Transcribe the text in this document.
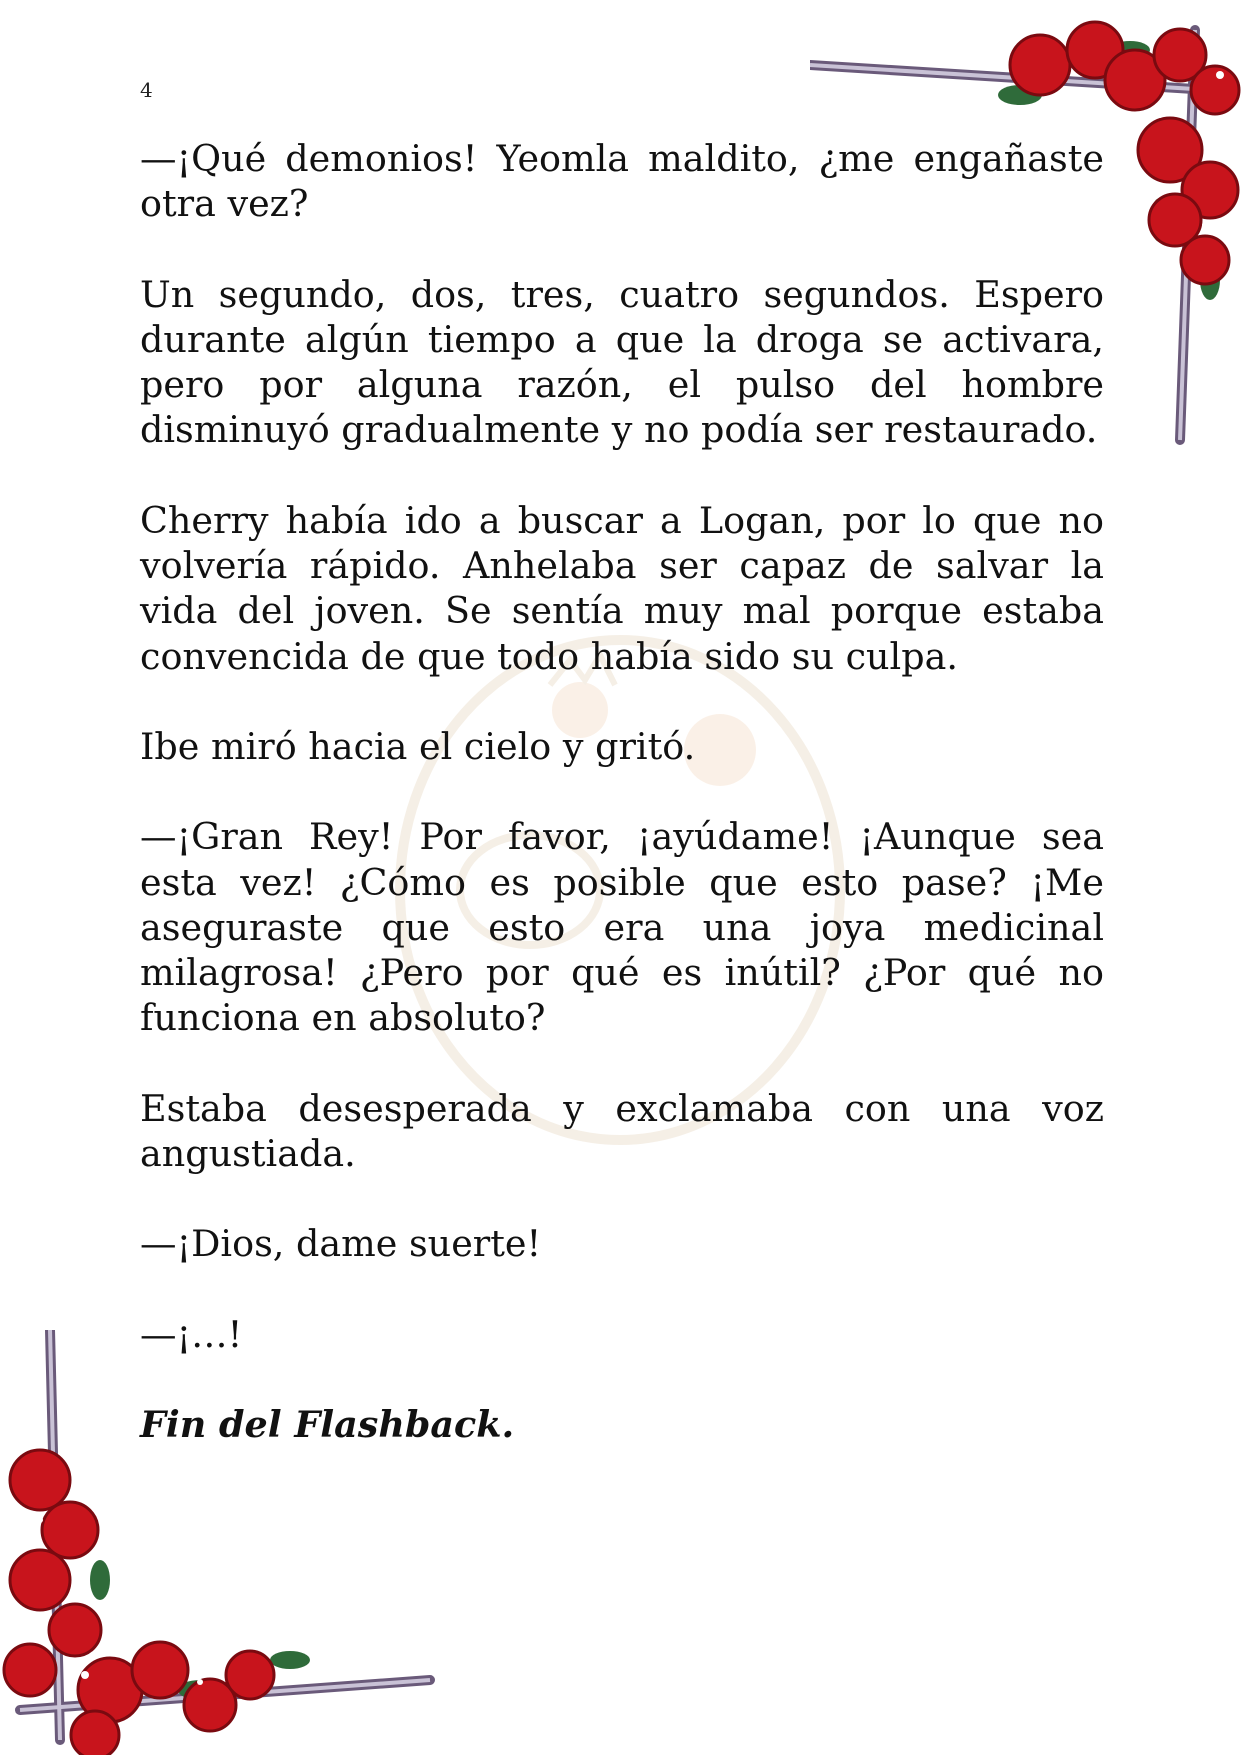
4

—¡Qué demonios! Yeomla maldito, ¿me engañaste otra vez?

Un segundo, dos, tres, cuatro segundos. Espero durante algún tiempo a que la droga se activara, pero por alguna razón, el pulso del hombre disminuyó gradualmente y no podía ser restaurado.

Cherry había ido a buscar a Logan, por lo que no volvería rápido. Anhelaba ser capaz de salvar la vida del joven. Se sentía muy mal porque estaba convencida de que todo había sido su culpa.

Ibe miró hacia el cielo y gritó.

—¡Gran Rey! Por favor, ¡ayúdame! ¡Aunque sea esta vez! ¿Cómo es posible que esto pase? ¡Me aseguraste que esto era una joya medicinal milagrosa! ¿Pero por qué es inútil? ¿Por qué no funciona en absoluto?

Estaba desesperada y exclamaba con una voz angustiada.

—¡Dios, dame suerte!

—¡…!

Fin del Flashback.
